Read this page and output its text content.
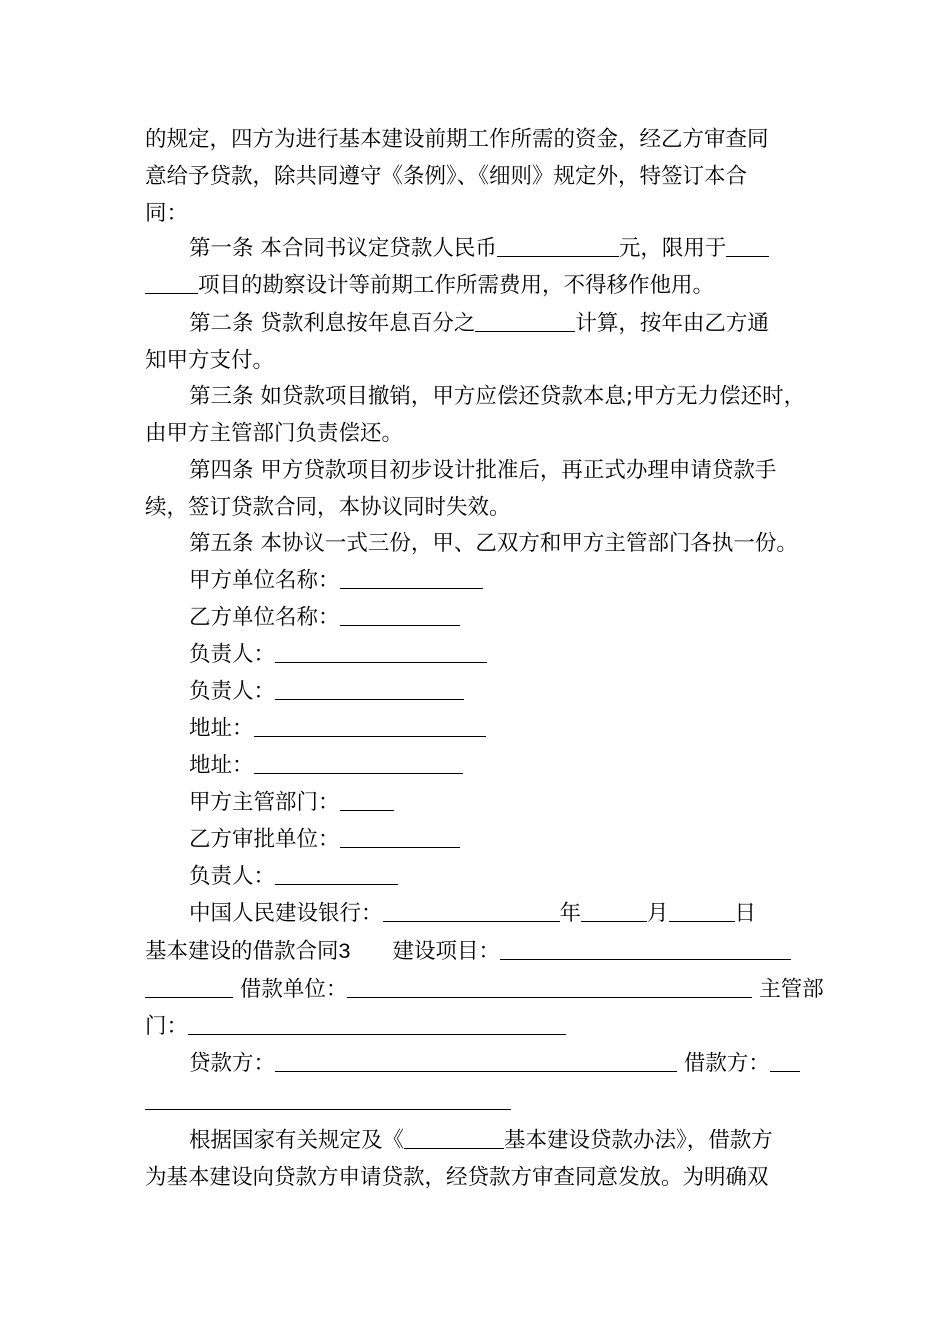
的规定，四方为进行基本建设前期工作所需的资金，经乙方审查同
意给予贷款，除共同遵守《条例》、《细则》规定外，特签订本合
同：
第一条 本合同书议定贷款人民币	元，限用于
项目的勘察设计等前期工作所需费用，不得移作他用。
第二条 贷款利息按年息百分之	计算，按年由乙方通
知甲方支付。
第三条 如贷款项目撤销，甲方应偿还贷款本息;甲方无力偿还时，
由甲方主管部门负责偿还。
第四条 甲方贷款项目初步设计批准后，再正式办理申请贷款手
续，签订贷款合同，本协议同时失效。
第五条 本协议一式三份，甲、乙双方和甲方主管部门各执一份。
甲方单位名称：
乙方单位名称：
负责人：
负责人：
地址：
地址：
甲方主管部门：
乙方审批单位：
负责人：
中国人民建设银行：	年	月	日
基本建设的借款合同3 建设项目：
借款单位：	主管部
门：
贷款方：	借款方：
根据国家有关规定及《	基本建设贷款办法》，借款方
为基本建设向贷款方申请贷款，经贷款方审查同意发放。为明确双
